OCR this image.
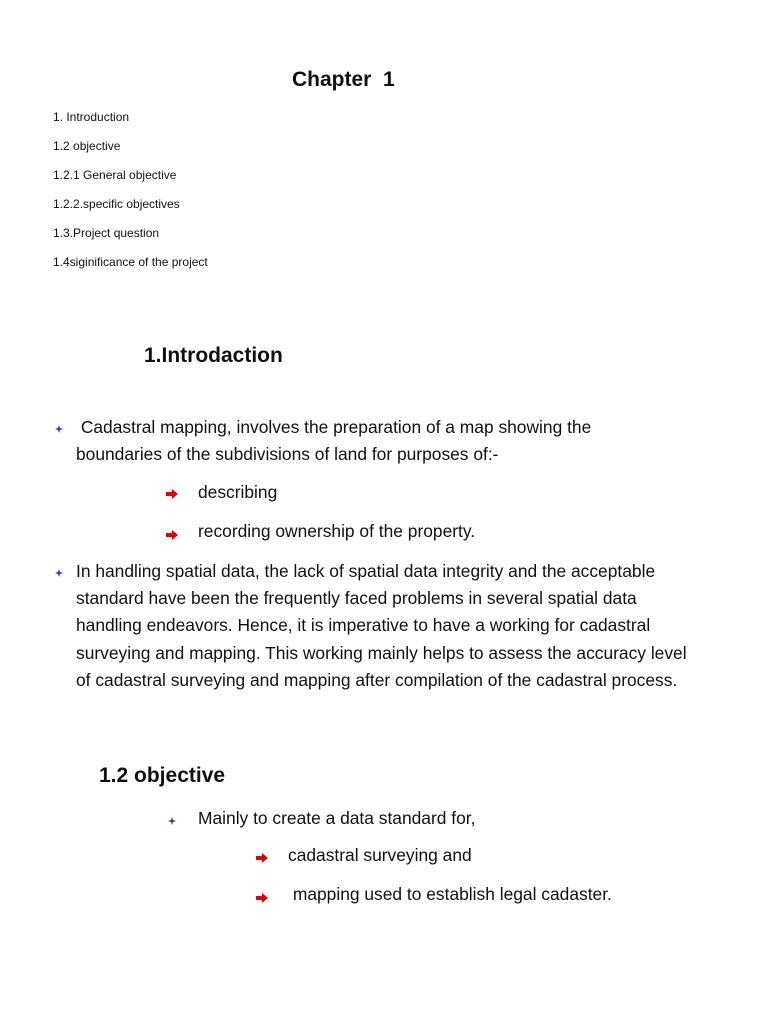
Chapter  1
1. Introduction
1.2 objective
1.2.1 General objective
1.2.2.specific objectives
1.3.Project question
1.4siginificance of the project
1.Introdaction
Cadastral mapping, involves the preparation of a map showing the
boundaries of the subdivisions of land for purposes of:-
describing
recording ownership of the property.
In handling spatial data, the lack of spatial data integrity and the acceptable standard have been the frequently faced problems in several spatial data handling endeavors. Hence, it is imperative to have a working for cadastral surveying and mapping. This working mainly helps to assess the accuracy level of cadastral surveying and mapping after compilation of the cadastral process.
1.2 objective
Mainly to create a data standard for,
cadastral surveying and
mapping used to establish legal cadaster.
